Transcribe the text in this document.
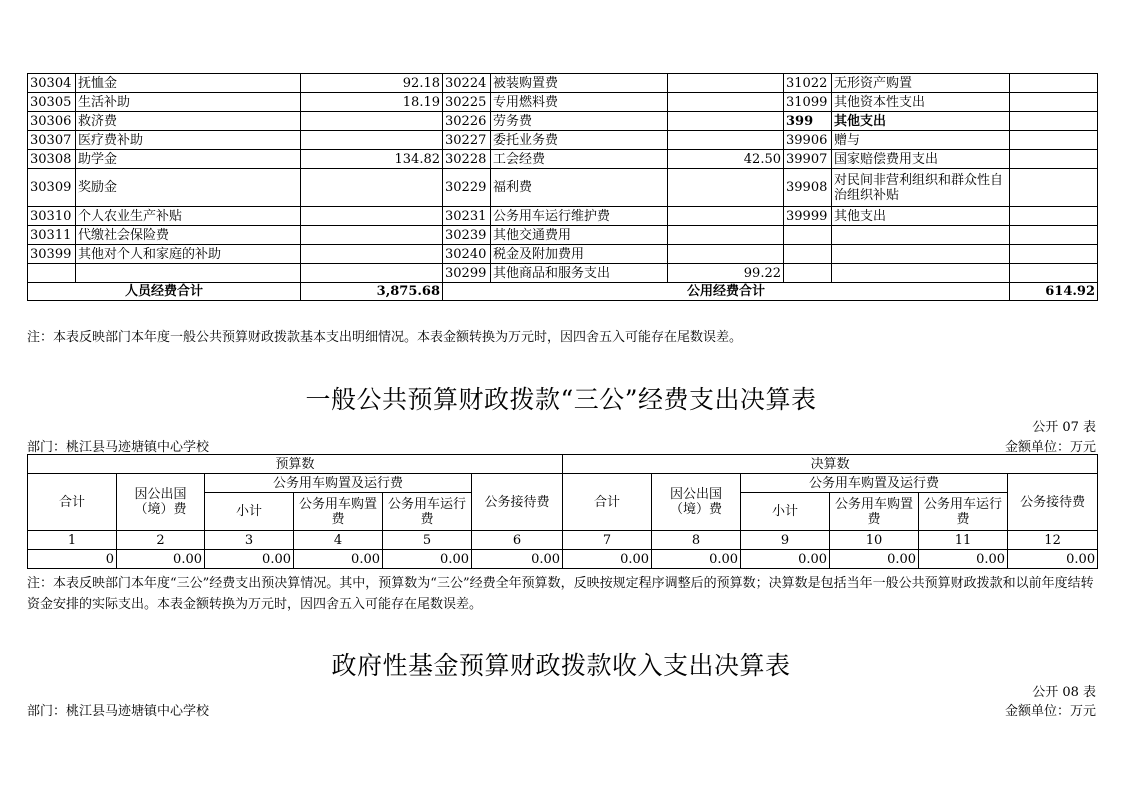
30304	抚恤金	92.18	30224	被装购置费		31022	无形资产购置	
30305	生活补助	18.19	30225	专用燃料费		31099	其他资本性支出	
30306	救济费		30226	劳务费		399	其他支出	
30307	医疗费补助		30227	委托业务费		39906	赠与	
30308	助学金	134.82	30228	工会经费	42.50	39907	国家赔偿费用支出	
30309	奖励金		30229	福利费		39908	对民间非营利组织和群众性自治组织补贴	
30310	个人农业生产补贴		30231	公务用车运行维护费		39999	其他支出	
30311	代缴社会保险费		30239	其他交通费用				
30399	其他对个人和家庭的补助		30240	税金及附加费用				
			30299	其他商品和服务支出	99.22			
人员经费合计		3,875.68	公用经费合计					614.92
注：本表反映部门本年度一般公共预算财政拨款基本支出明细情况。本表金额转换为万元时，因四舍五入可能存在尾数误差。
一般公共预算财政拨款“三公”经费支出决算表
公开 07 表
部门：桃江县马迹塘镇中心学校	金额单位：万元
预算数						决算数					
合计	因公出国（境）费	公务用车购置及运行费			公务接待费	合计	因公出国（境）费	公务用车购置及运行费			公务接待费
		小计	公务用车购置费	公务用车运行费				小计	公务用车购置费	公务用车运行费	
1	2	3	4	5	6	7	8	9	10	11	12
0	0.00	0.00	0.00	0.00	0.00	0.00	0.00	0.00	0.00	0.00	0.00
注：本表反映部门本年度“三公”经费支出预决算情况。其中，预算数为“三公”经费全年预算数，反映按规定程序调整后的预算数；决算数是包括当年一般公共预算财政拨款和以前年度结转资金安排的实际支出。本表金额转换为万元时，因四舍五入可能存在尾数误差。
政府性基金预算财政拨款收入支出决算表
公开 08 表
部门：桃江县马迹塘镇中心学校	金额单位：万元
